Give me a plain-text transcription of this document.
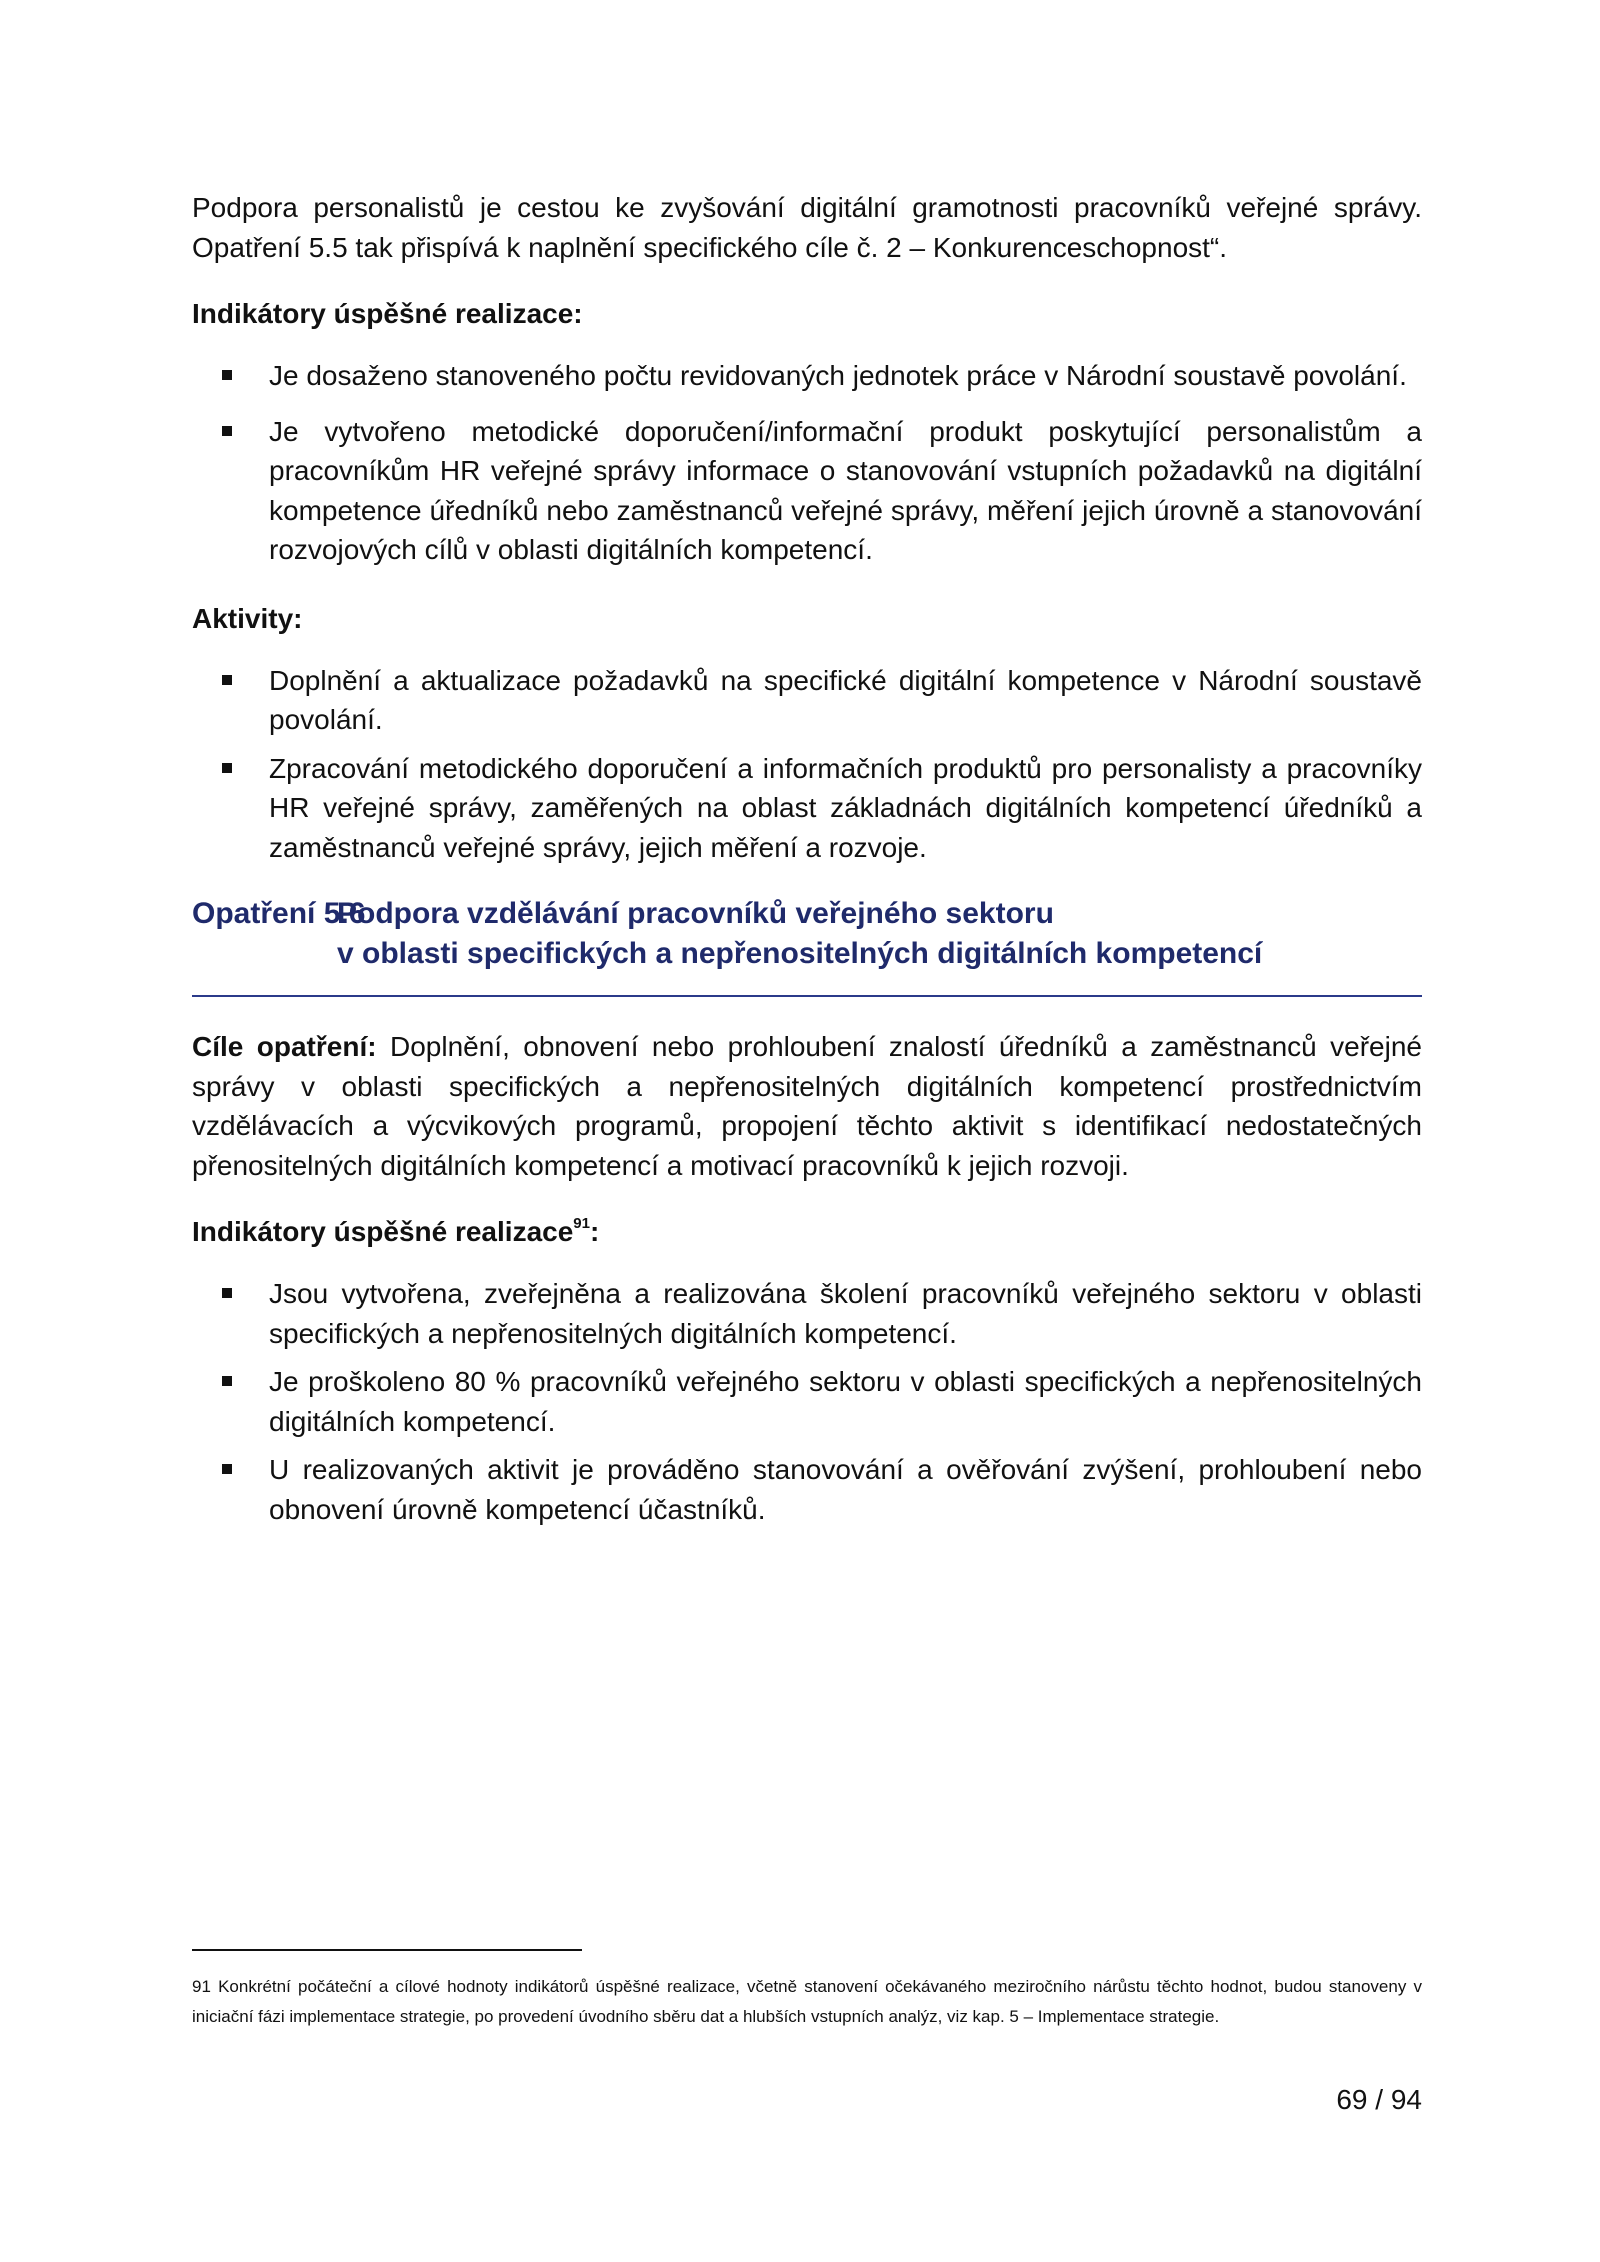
Podpora personalistů je cestou ke zvyšování digitální gramotnosti pracovníků veřejné správy. Opatření 5.5 tak přispívá k naplnění specifického cíle č. 2 – Konkurenceschopnost“.

Indikátory úspěšné realizace:

Je dosaženo stanoveného počtu revidovaných jednotek práce v Národní soustavě povolání.
Je vytvořeno metodické doporučení/informační produkt poskytující personalistům a pracovníkům HR veřejné správy informace o stanovování vstupních požadavků na digitální kompetence úředníků nebo zaměstnanců veřejné správy, měření jejich úrovně a stanovování rozvojových cílů v oblasti digitálních kompetencí.

Aktivity:

Doplnění a aktualizace požadavků na specifické digitální kompetence v Národní soustavě povolání.
Zpracování metodického doporučení a informačních produktů pro personalisty a pracovníky HR veřejné správy, zaměřených na oblast základnách digitálních kompetencí úředníků a zaměstnanců veřejné správy, jejich měření a rozvoje.
Opatření 5.6
Podpora vzdělávání pracovníků veřejného sektoru
v oblasti specifických a nepřenositelných digitálních kompetencí

Cíle opatření: Doplnění, obnovení nebo prohloubení znalostí úředníků a zaměstnanců veřejné správy v oblasti specifických a nepřenositelných digitálních kompetencí prostřednictvím vzdělávacích a výcvikových programů, propojení těchto aktivit s identifikací nedostatečných přenositelných digitálních kompetencí a motivací pracovníků k jejich rozvoji.

Indikátory úspěšné realizace$^{91}$:

Jsou vytvořena, zveřejněna a realizována školení pracovníků veřejného sektoru v oblasti specifických a nepřenositelných digitálních kompetencí.
Je proškoleno 80 % pracovníků veřejného sektoru v oblasti specifických a nepřenositelných digitálních kompetencí.
U realizovaných aktivit je prováděno stanovování a ověřování zvýšení, prohloubení nebo obnovení úrovně kompetencí účastníků.

91 Konkrétní počáteční a cílové hodnoty indikátorů úspěšné realizace, včetně stanovení očekávaného meziročního nárůstu těchto hodnot, budou stanoveny v iniciační fázi implementace strategie, po provedení úvodního sběru dat a hlubších vstupních analýz, viz kap. 5 – Implementace strategie.

69 / 94
